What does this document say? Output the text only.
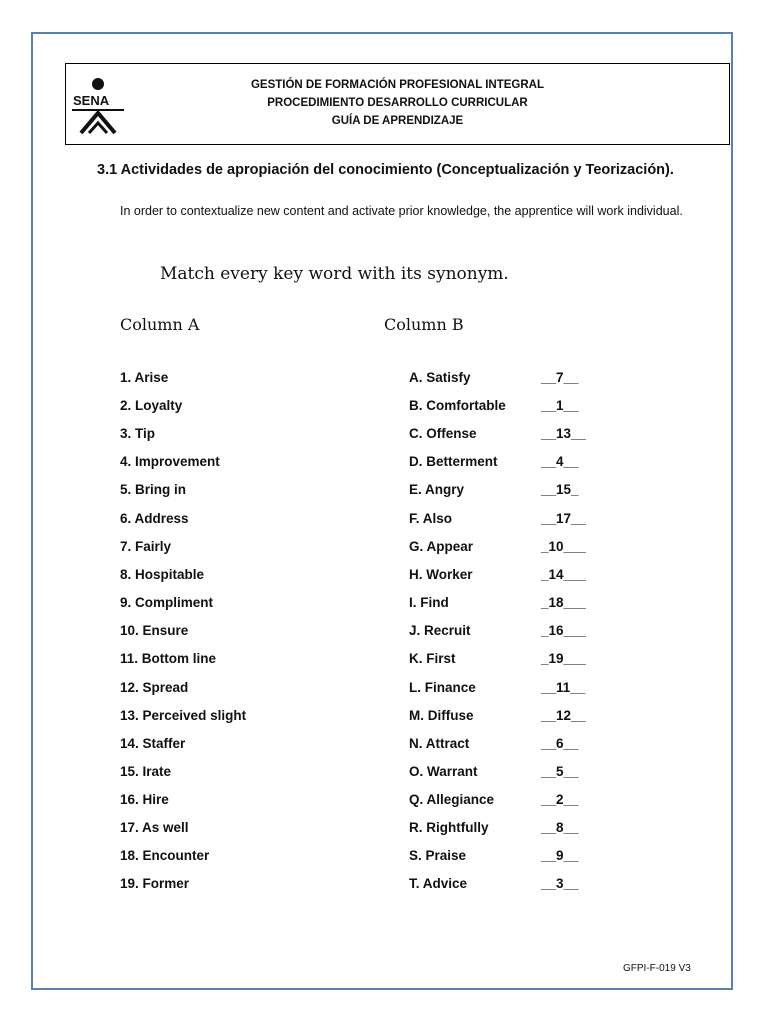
SENA
GESTIÓN DE FORMACIÓN PROFESIONAL INTEGRAL
PROCEDIMIENTO DESARROLLO CURRICULAR
GUÍA DE APRENDIZAJE
3.1 Actividades de apropiación del conocimiento (Conceptualización y Teorización).
In order to contextualize new content and activate prior knowledge, the apprentice will work individual.
Match every key word with its synonym.
Column A	Column B
1. Arise	A. Satisfy	__7__
2. Loyalty	B. Comfortable	__1__
3. Tip	C. Offense	__13__
4. Improvement	D. Betterment	__4__
5. Bring in	E. Angry	__15_
6. Address	F. Also	__17__
7. Fairly	G. Appear	_10___
8. Hospitable	H. Worker	_14___
9. Compliment	I. Find	_18___
10. Ensure	J. Recruit	_16___
11. Bottom line	K. First	_19___
12. Spread	L. Finance	__11__
13. Perceived slight	M. Diffuse	__12__
14. Staffer	N. Attract	__6__
15. Irate	O. Warrant	__5__
16. Hire	Q. Allegiance	__2__
17. As well	R. Rightfully	__8__
18. Encounter	S. Praise	__9__
19. Former	T. Advice	__3__
GFPI-F-019 V3
